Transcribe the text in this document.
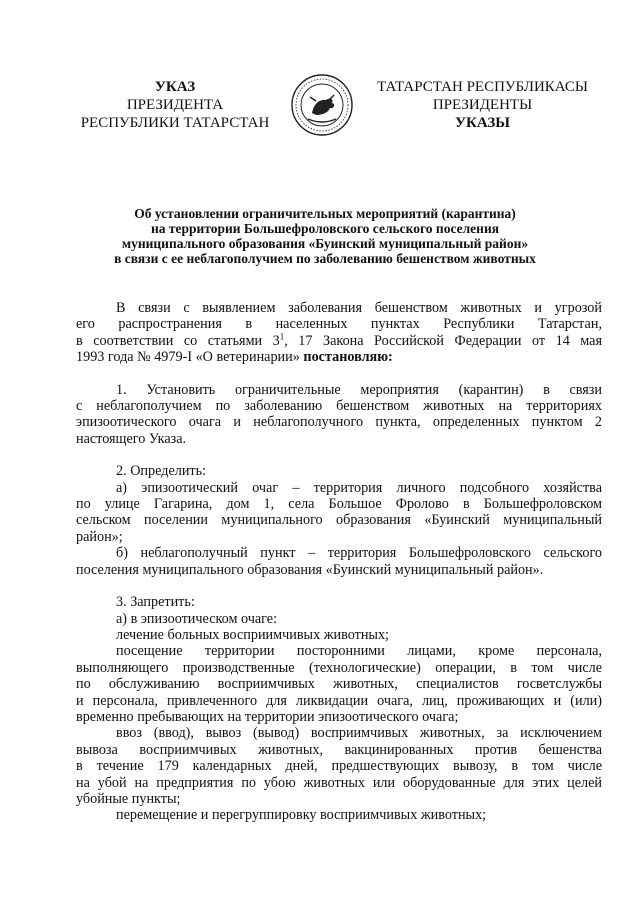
УКАЗ
ПРЕЗИДЕНТА
РЕСПУБЛИКИ ТАТАРСТАН
ТАТАРСТАН РЕСПУБЛИКАСЫ
ПРЕЗИДЕНТЫ
УКАЗЫ
Об установлении ограничительных мероприятий (карантина)
на территории Большефроловского сельского поселения
муниципального образования «Буинский муниципальный район»
в связи с ее неблагополучием по заболеванию бешенством животных
В связи с выявлением заболевания бешенством животных и угрозой
его распространения в населенных пунктах Республики Татарстан,
в соответствии со статьями $3^1$, 17 Закона Российской Федерации от 14 мая
1993 года № 4979-I «О ветеринарии» постановляю:
1. Установить ограничительные мероприятия (карантин) в связи
с неблагополучием по заболеванию бешенством животных на территориях
эпизоотического очага и неблагополучного пункта, определенных пунктом 2
настоящего Указа.
2. Определить:
а) эпизоотический очаг – территория личного подсобного хозяйства
по улице Гагарина, дом 1, села Большое Фролово в Большефроловском
сельском поселении муниципального образования «Буинский муниципальный
район»;
б) неблагополучный пункт – территория Большефроловского сельского
поселения муниципального образования «Буинский муниципальный район».
3. Запретить:
а) в эпизоотическом очаге:
лечение больных восприимчивых животных;
посещение территории посторонними лицами, кроме персонала,
выполняющего производственные (технологические) операции, в том числе
по обслуживанию восприимчивых животных, специалистов госветслужбы
и персонала, привлеченного для ликвидации очага, лиц, проживающих и (или)
временно пребывающих на территории эпизоотического очага;
ввоз (ввод), вывоз (вывод) восприимчивых животных, за исключением
вывоза восприимчивых животных, вакцинированных против бешенства
в течение 179 календарных дней, предшествующих вывозу, в том числе
на убой на предприятия по убою животных или оборудованные для этих целей
убойные пункты;
перемещение и перегруппировку восприимчивых животных;
